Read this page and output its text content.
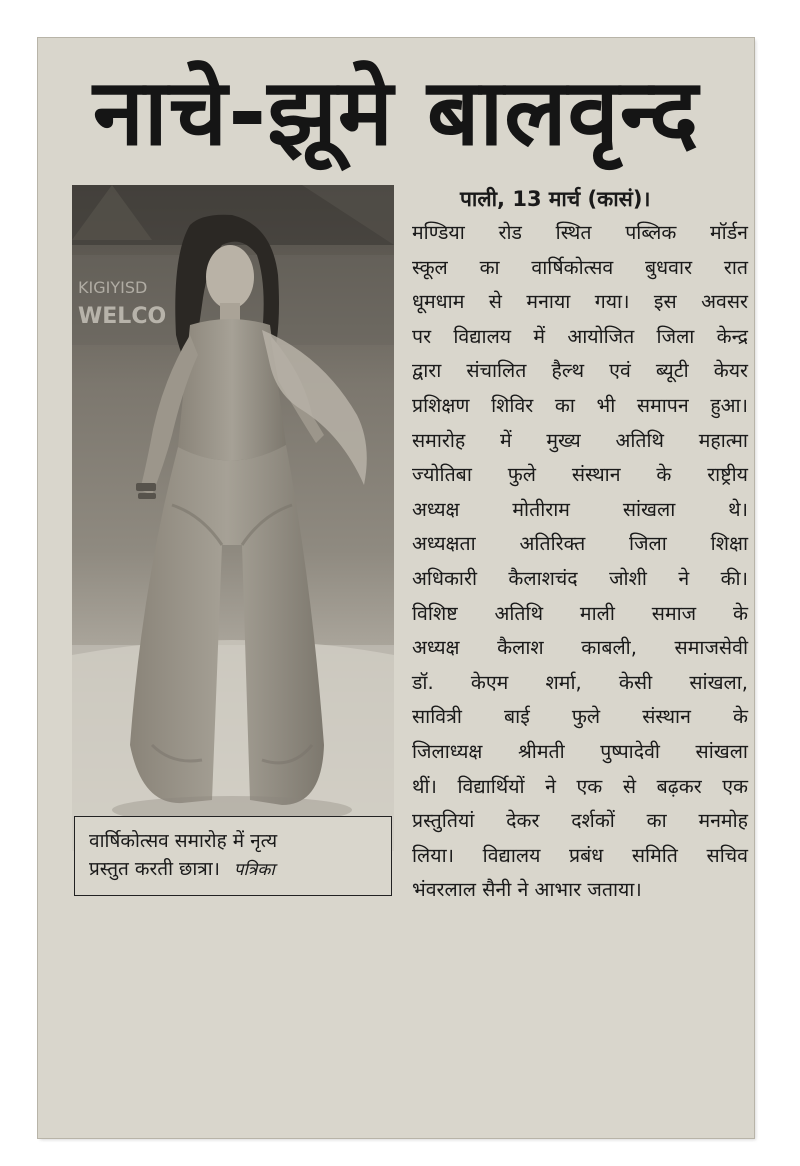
नाचे-झूमे बालवृन्द
KIGIYISD
WELCO
वार्षिकोत्सव समारोह में नृत्य
प्रस्तुत करती छात्रा। पत्रिका
पाली, 13 मार्च (कासं)।
मण्डिया रोड स्थित पब्लिक मॉर्डन
स्कूल का वार्षिकोत्सव बुधवार रात
धूमधाम से मनाया गया। इस अवसर
पर विद्यालय में आयोजित जिला केन्द्र
द्वारा संचालित हैल्थ एवं ब्यूटी केयर
प्रशिक्षण शिविर का भी समापन हुआ।
समारोह में मुख्य अतिथि महात्मा
ज्योतिबा फुले संस्थान के राष्ट्रीय
अध्यक्ष मोतीराम सांखला थे।
अध्यक्षता अतिरिक्त जिला शिक्षा
अधिकारी कैलाशचंद जोशी ने की।
विशिष्ट अतिथि माली समाज के
अध्यक्ष कैलाश काबली, समाजसेवी
डॉ. केएम शर्मा, केसी सांखला,
सावित्री बाई फुले संस्थान के
जिलाध्यक्ष श्रीमती पुष्पादेवी सांखला
थीं। विद्यार्थियों ने एक से बढ़कर एक
प्रस्तुतियां देकर दर्शकों का मनमोह
लिया। विद्यालय प्रबंध समिति सचिव
भंवरलाल सैनी ने आभार जताया।
